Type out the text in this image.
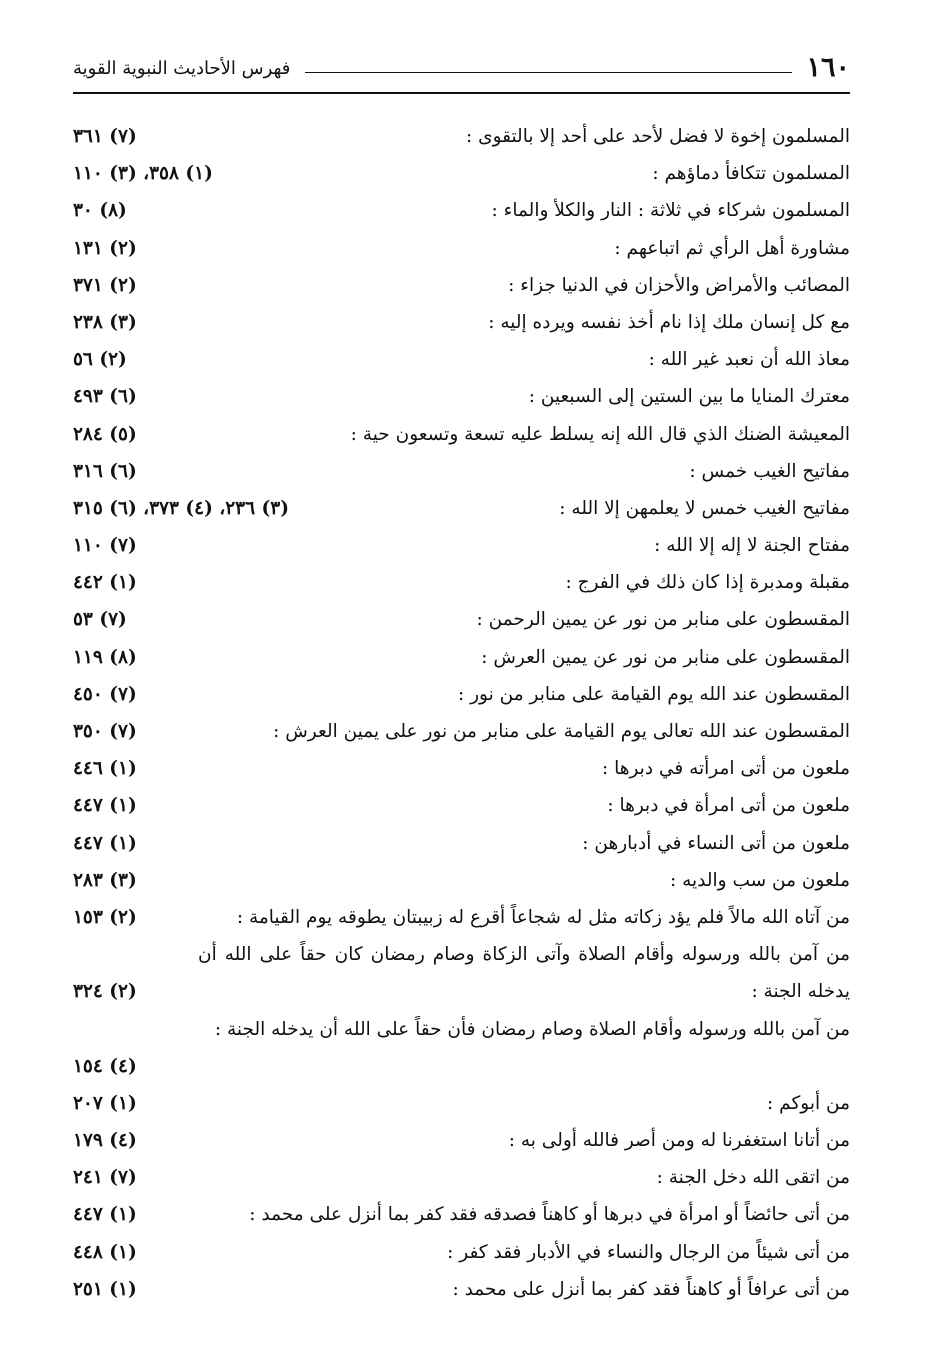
١٦٠
فهرس الأحاديث النبوية القوية
المسلمون إخوة لا فضل لأحد على أحد إلا بالتقوى :
(٧) ٣٦١
المسلمون تتكافأ دماؤهم :
(١) ٣٥٨، (٣) ١١٠
المسلمون شركاء في ثلاثة : النار والكلأ والماء :
(٨) ٣٠
مشاورة أهل الرأي ثم اتباعهم :
(٢) ١٣١
المصائب والأمراض والأحزان في الدنيا جزاء :
(٢) ٣٧١
مع كل إنسان ملك إذا نام أخذ نفسه ويرده إليه :
(٣) ٢٣٨
معاذ الله أن نعبد غير الله :
(٢) ٥٦
معترك المنايا ما بين الستين إلى السبعين :
(٦) ٤٩٣
المعيشة الضنك الذي قال الله إنه يسلط عليه تسعة وتسعون حية :
(٥) ٢٨٤
مفاتيح الغيب خمس :
(٦) ٣١٦
مفاتيح الغيب خمس لا يعلمهن إلا الله :
(٣) ٢٣٦، (٤) ٣٧٣، (٦) ٣١٥
مفتاح الجنة لا إله إلا الله :
(٧) ١١٠
مقبلة ومدبرة إذا كان ذلك في الفرج :
(١) ٤٤٢
المقسطون على منابر من نور عن يمين الرحمن :
(٧) ٥٣
المقسطون على منابر من نور عن يمين العرش :
(٨) ١١٩
المقسطون عند الله يوم القيامة على منابر من نور :
(٧) ٤٥٠
المقسطون عند الله تعالى يوم القيامة على منابر من نور على يمين العرش :
(٧) ٣٥٠
ملعون من أتى امرأته في دبرها :
(١) ٤٤٦
ملعون من أتى امرأة في دبرها :
(١) ٤٤٧
ملعون من أتى النساء في أدبارهن :
(١) ٤٤٧
ملعون من سب والديه :
(٣) ٢٨٣
من آتاه الله مالاً فلم يؤد زكاته مثل له شجاعاً أقرع له زبيبتان يطوقه يوم القيامة :
(٢) ١٥٣
من آمن بالله ورسوله وأقام الصلاة وآتى الزكاة وصام رمضان كان حقاً على الله أن يدخله الجنة :
(٢) ٣٢٤
من آمن بالله ورسوله وأقام الصلاة وصام رمضان فأن حقاً على الله أن يدخله الجنة :
(٤) ١٥٤
من أبوكم :
(١) ٢٠٧
من أتانا استغفرنا له ومن أصر فالله أولى به :
(٤) ١٧٩
من اتقى الله دخل الجنة :
(٧) ٢٤١
من أتى حائضاً أو امرأة في دبرها أو كاهناً فصدقه فقد كفر بما أنزل على محمد :
(١) ٤٤٧
من أتى شيئاً من الرجال والنساء في الأدبار فقد كفر :
(١) ٤٤٨
من أتى عرافاً أو كاهناً فقد كفر بما أنزل على محمد :
(١) ٢٥١
